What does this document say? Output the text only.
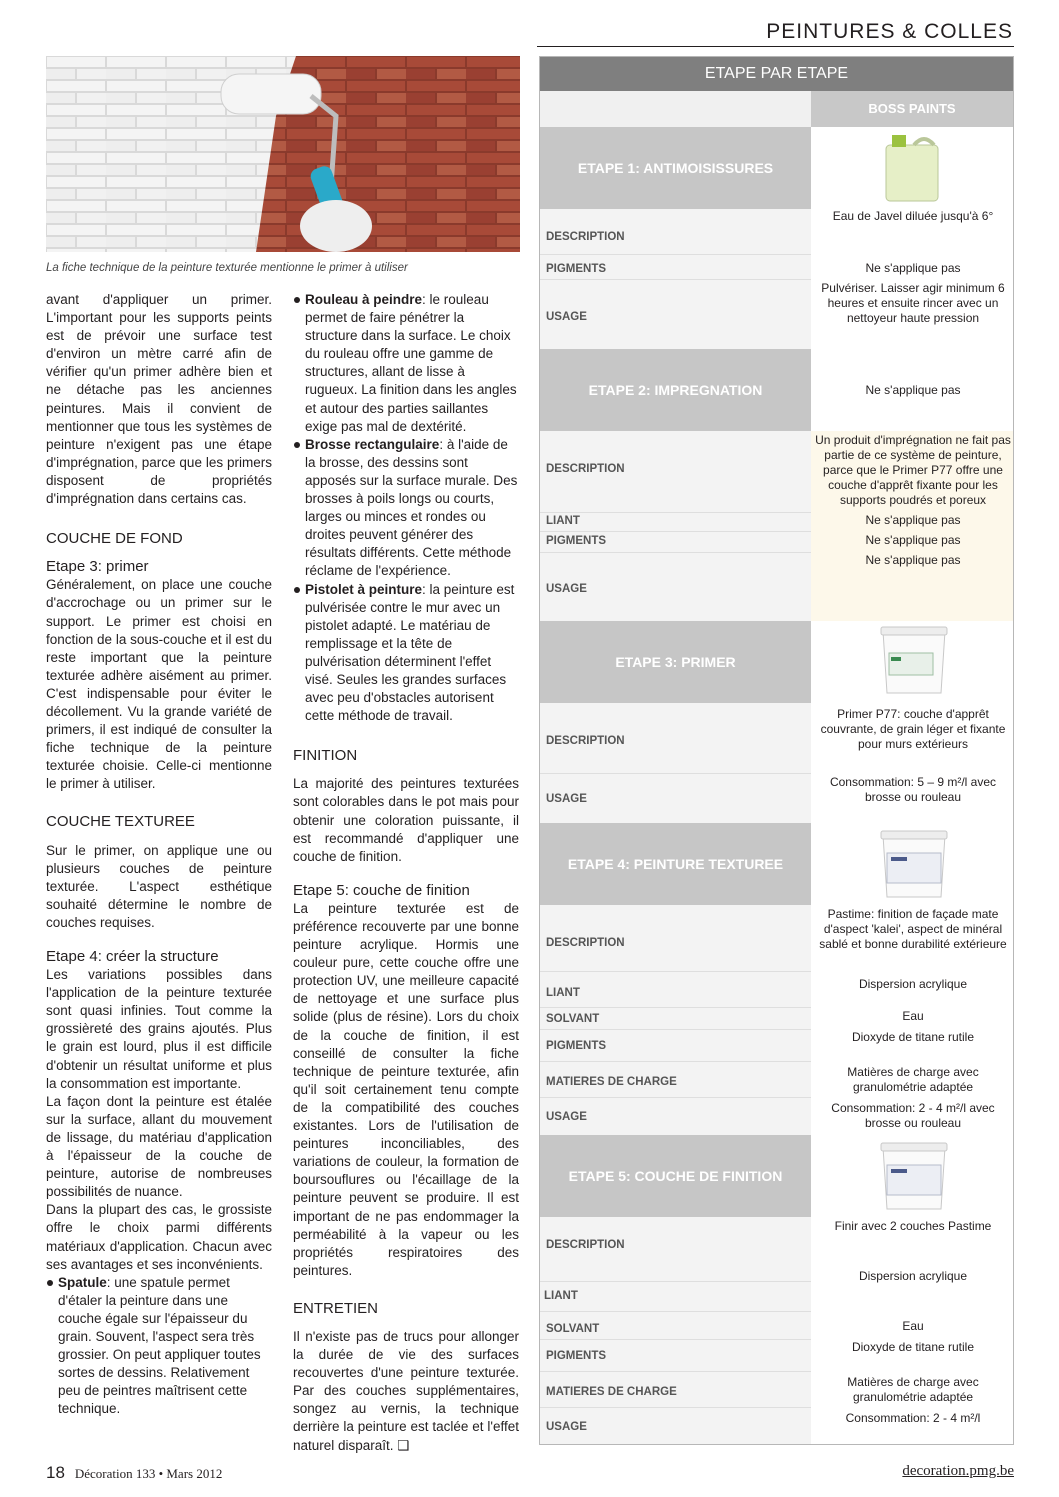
PEINTURES & COLLES
La fiche technique de la peinture texturée mentionne le primer à utiliser

avant d'appliquer un primer. L'important pour les supports peints est de prévoir une surface test d'environ un mètre carré afin de vérifier qu'un primer adhère bien et ne détache pas les anciennes peintures. Mais il convient de mentionner que tous les systèmes de peinture n'exigent pas une étape d'imprégnation, parce que les primers disposent de propriétés d'imprégnation dans certains cas.

COUCHE DE FOND
Etape 3: primer

Généralement, on place une couche d'accrochage ou un primer sur le support. Le primer est choisi en fonction de la sous-couche et il est du reste important que la peinture texturée adhère aisément au primer. C'est indispensable pour éviter le décollement. Vu la grande variété de primers, il est indiqué de consulter la fiche technique de la peinture texturée choisie. Celle-ci mentionne le primer à utiliser.

COUCHE TEXTUREE

Sur le primer, on applique une ou plusieurs couches de peinture texturée. L'aspect esthétique souhaité détermine le nombre de couches requises.

Etape 4: créer la structure

Les variations possibles dans l'application de la peinture texturée sont quasi infinies. Tout comme la grossièreté des grains ajoutés. Plus le grain est lourd, plus il est difficile d'obtenir un résultat uniforme et plus la consommation est importante.

La façon dont la peinture est étalée sur la surface, allant du mouvement de lissage, du matériau d'application à l'épaisseur de la couche de peinture, autorise de nombreuses possibilités de nuance.

Dans la plupart des cas, le grossiste offre le choix parmi différents matériaux d'application. Chacun avec ses avantages et ses inconvénients.

Spatule: une spatule permet d'étaler la peinture dans une couche égale sur l'épaisseur du grain. Souvent, l'aspect sera très grossier. On peut appliquer toutes sortes de dessins. Relativement peu de peintres maîtrisent cette technique.

Rouleau à peindre: le rouleau permet de faire pénétrer la structure dans la surface. Le choix du rouleau offre une gamme de structures, allant de lisse à rugueux. La finition dans les angles et autour des parties saillantes exige pas mal de dextérité.

Brosse rectangulaire: à l'aide de la brosse, des dessins sont apposés sur la surface murale. Des brosses à poils longs ou courts, larges ou minces et rondes ou droites peuvent générer des résultats différents. Cette méthode réclame de l'expérience.

Pistolet à peinture: la peinture est pulvérisée contre le mur avec un pistolet adapté. Le matériau de remplissage et la tête de pulvérisation déterminent l'effet visé. Seules les grandes surfaces avec peu d'obstacles autorisent cette méthode de travail.

FINITION

La majorité des peintures texturées sont colorables dans le pot mais pour obtenir une coloration puissante, il est recommandé d'appliquer une couche de finition.

Etape 5: couche de finition

La peinture texturée est de préférence recouverte par une bonne peinture acrylique. Hormis une couleur pure, cette couche offre une protection UV, une meilleure capacité de nettoyage et une surface plus solide (plus de résine). Lors du choix de la couche de finition, il est conseillé de consulter la fiche technique de peinture texturée, afin qu'il soit certainement tenu compte de la compatibilité des couches existantes. Lors de l'utilisation de peintures inconciliables, des variations de couleur, la formation de boursouflures ou l'écaillage de la peinture peuvent se produire. Il est important de ne pas endommager la perméabilité à la vapeur ou les propriétés respiratoires des peintures.

ENTRETIEN

Il n'existe pas de trucs pour allonger la durée de vie des surfaces recouvertes d'une peinture texturée. Par des couches supplémentaires, songez au vernis, la technique derrière la peinture est taclée et l'effet naturel disparaît. ❑

ETAPE PAR ETAPE
BOSS PAINTS
ETAPE 1: ANTIMOISISSURES
DESCRIPTION
PIGMENTS
USAGE
Eau de Javel diluée jusqu'à 6°
Ne s'applique pas
Pulvériser. Laisser agir minimum 6 heures et ensuite rincer avec un nettoyeur haute pression
ETAPE 2: IMPREGNATION	Ne s'applique pas
DESCRIPTION
LIANT
PIGMENTS
USAGE
Un produit d'imprégnation ne fait pas partie de ce système de peinture, parce que le Primer P77 offre une couche d'apprêt fixante pour les supports poudrés et poreux
Ne s'applique pas
Ne s'applique pas
Ne s'applique pas
ETAPE 3: PRIMER
DESCRIPTION
USAGE
Primer P77: couche d'apprêt couvrante, de grain léger et fixante pour murs extérieurs
Consommation: 5 – 9 m²/l avec brosse ou rouleau
ETAPE 4: PEINTURE TEXTUREE
DESCRIPTION
LIANT
SOLVANT
PIGMENTS
MATIERES DE CHARGE
USAGE
Pastime: finition de façade mate d'aspect 'kalei', aspect de minéral sablé et bonne durabilité extérieure
Dispersion acrylique
Eau
Dioxyde de titane rutile
Matières de charge avec granulométrie adaptée
Consommation: 2 - 4 m²/l avec brosse ou rouleau
ETAPE 5: COUCHE DE FINITION
DESCRIPTION
LIANT
SOLVANT
PIGMENTS
MATIERES DE CHARGE
USAGE
Finir avec 2 couches Pastime
Dispersion acrylique
Eau
Dioxyde de titane rutile
Matières de charge avec granulométrie adaptée
Consommation: 2 - 4 m²/l
18 Décoration 133 • Mars 2012	decoration.pmg.be
